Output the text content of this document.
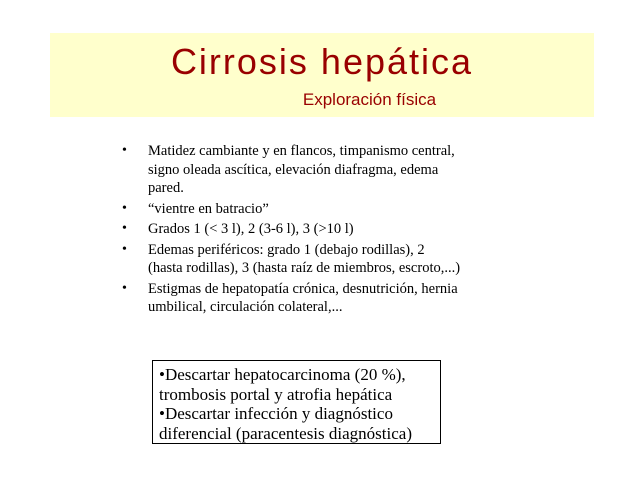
Cirrosis hepática
Exploración física
• Matidez cambiante y en flancos, timpanismo central, signo oleada ascítica, elevación diafragma, edema pared.
• “vientre en batracio”
• Grados 1 (< 3 l), 2 (3-6 l), 3 (>10 l)
• Edemas periféricos: grado 1 (debajo rodillas), 2 (hasta rodillas), 3 (hasta raíz de miembros, escroto,...)
• Estigmas de hepatopatía crónica, desnutrición, hernia umbilical, circulación colateral,...

•Descartar hepatocarcinoma (20 %), trombosis portal y atrofia hepática

•Descartar infección y diagnóstico diferencial (paracentesis diagnóstica)
